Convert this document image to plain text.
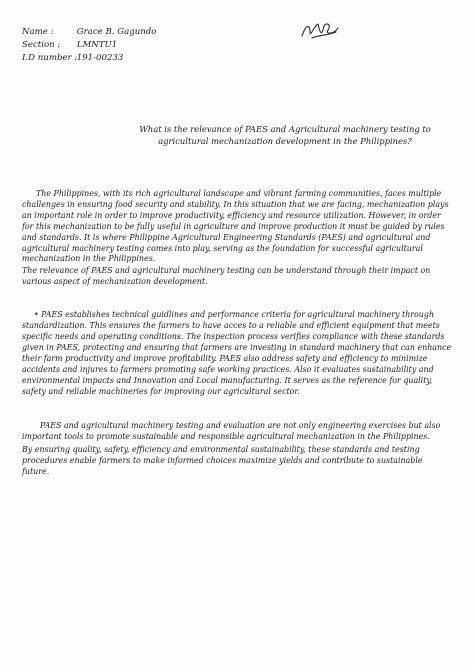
Name :	Grace B. Gagundo
Section : LMNTU1
I.D number : 191-00233
What is the relevance of PAES and Agricultural machinery testing to agricultural mechanization development in the Philippines?

The Philippines, with its rich agricultural landscape and vibrant farming communities, faces multiple challenges in ensuring food security and stability. In this situation that we are facing, mechanization plays an important role in order to improve productivity, efficiency and resource utilization. However, in order for this mechanization to be fully useful in agriculture and improve production it must be guided by rules and standards. It is where Philippine Agricultural Engineering Standards (PAES) and agricultural and agricultural machinery testing comes into play, serving as the foundation for successful agricultural mechanization in the Philippines.

The relevance of PAES and agricultural machinery testing can be understand through their impact on various aspect of mechanization development.

• PAES establishes technical guidlines and performance criteria for agricultural machinery through standardization. This ensures the farmers to have acces to a reliable and efficient equipment that meets specific needs and operating conditions. The inspection process verifies compliance with these standards given in PAES, protecting and ensuring that farmers are investing in standard machinery that can enhance their farm productivity and improve profitability. PAES also address safety and efficiency to minimize accidents and injures to farmers promoting safe working practices. Also it evaluates sustainability and environmental impacts and Innovation and Local manufacturing. It serves as the reference for quality, safety and reliable machineries for improving our agricultural sector.

PAES and agricultural machinery testing and evaluation are not only engineering exercises but also important tools to promote sustainable and responsible agricultural mechanization in the Philippines.

By ensuring quality, safety, efficiency and environmental sustainability, these standards and testing procedures enable farmers to make informed choices maximize yields and contribute to sustainable future.
